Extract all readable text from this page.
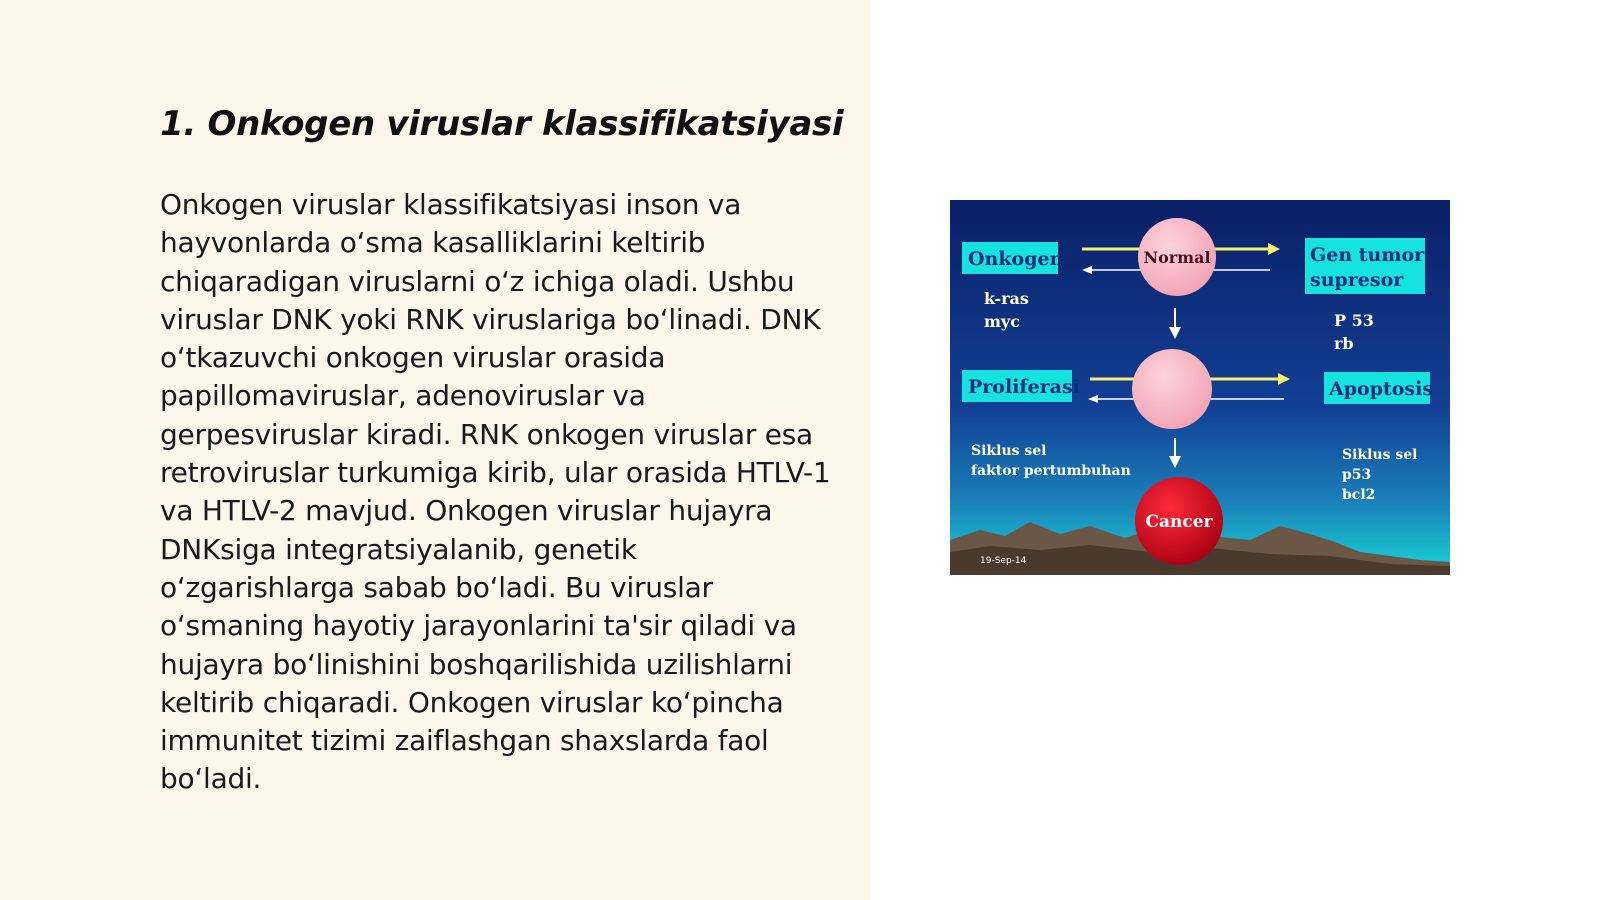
1. Onkogen viruslar klassifikatsiyasi

Onkogen viruslar klassifikatsiyasi inson va hayvonlarda o‘sma kasalliklarini keltirib chiqaradigan viruslarni o‘z ichiga oladi. Ushbu viruslar DNK yoki RNK viruslariga bo‘linadi. DNK o‘tkazuvchi onkogen viruslar orasida papillomaviruslar, adenoviruslar va gerpesviruslar kiradi. RNK onkogen viruslar esa retroviruslar turkumiga kirib, ular orasida HTLV-1 va HTLV-2 mavjud. Onkogen viruslar hujayra DNKsiga integratsiyalanib, genetik o‘zgarishlarga sabab bo‘ladi. Bu viruslar o‘smaning hayotiy jarayonlarini ta'sir qiladi va hujayra bo‘linishini boshqarilishida uzilishlarni keltirib chiqaradi. Onkogen viruslar ko‘pincha immunitet tizimi zaiflashgan shaxslarda faol bo‘ladi.

Onkogen
k-ras
myc
Normal	Gen tumor
supresor
P 53
rb
Proliferasi	Apoptosis
Siklus sel
faktor pertumbuhan
Siklus sel
p53
bcl2
Cancer
19-Sep-14
